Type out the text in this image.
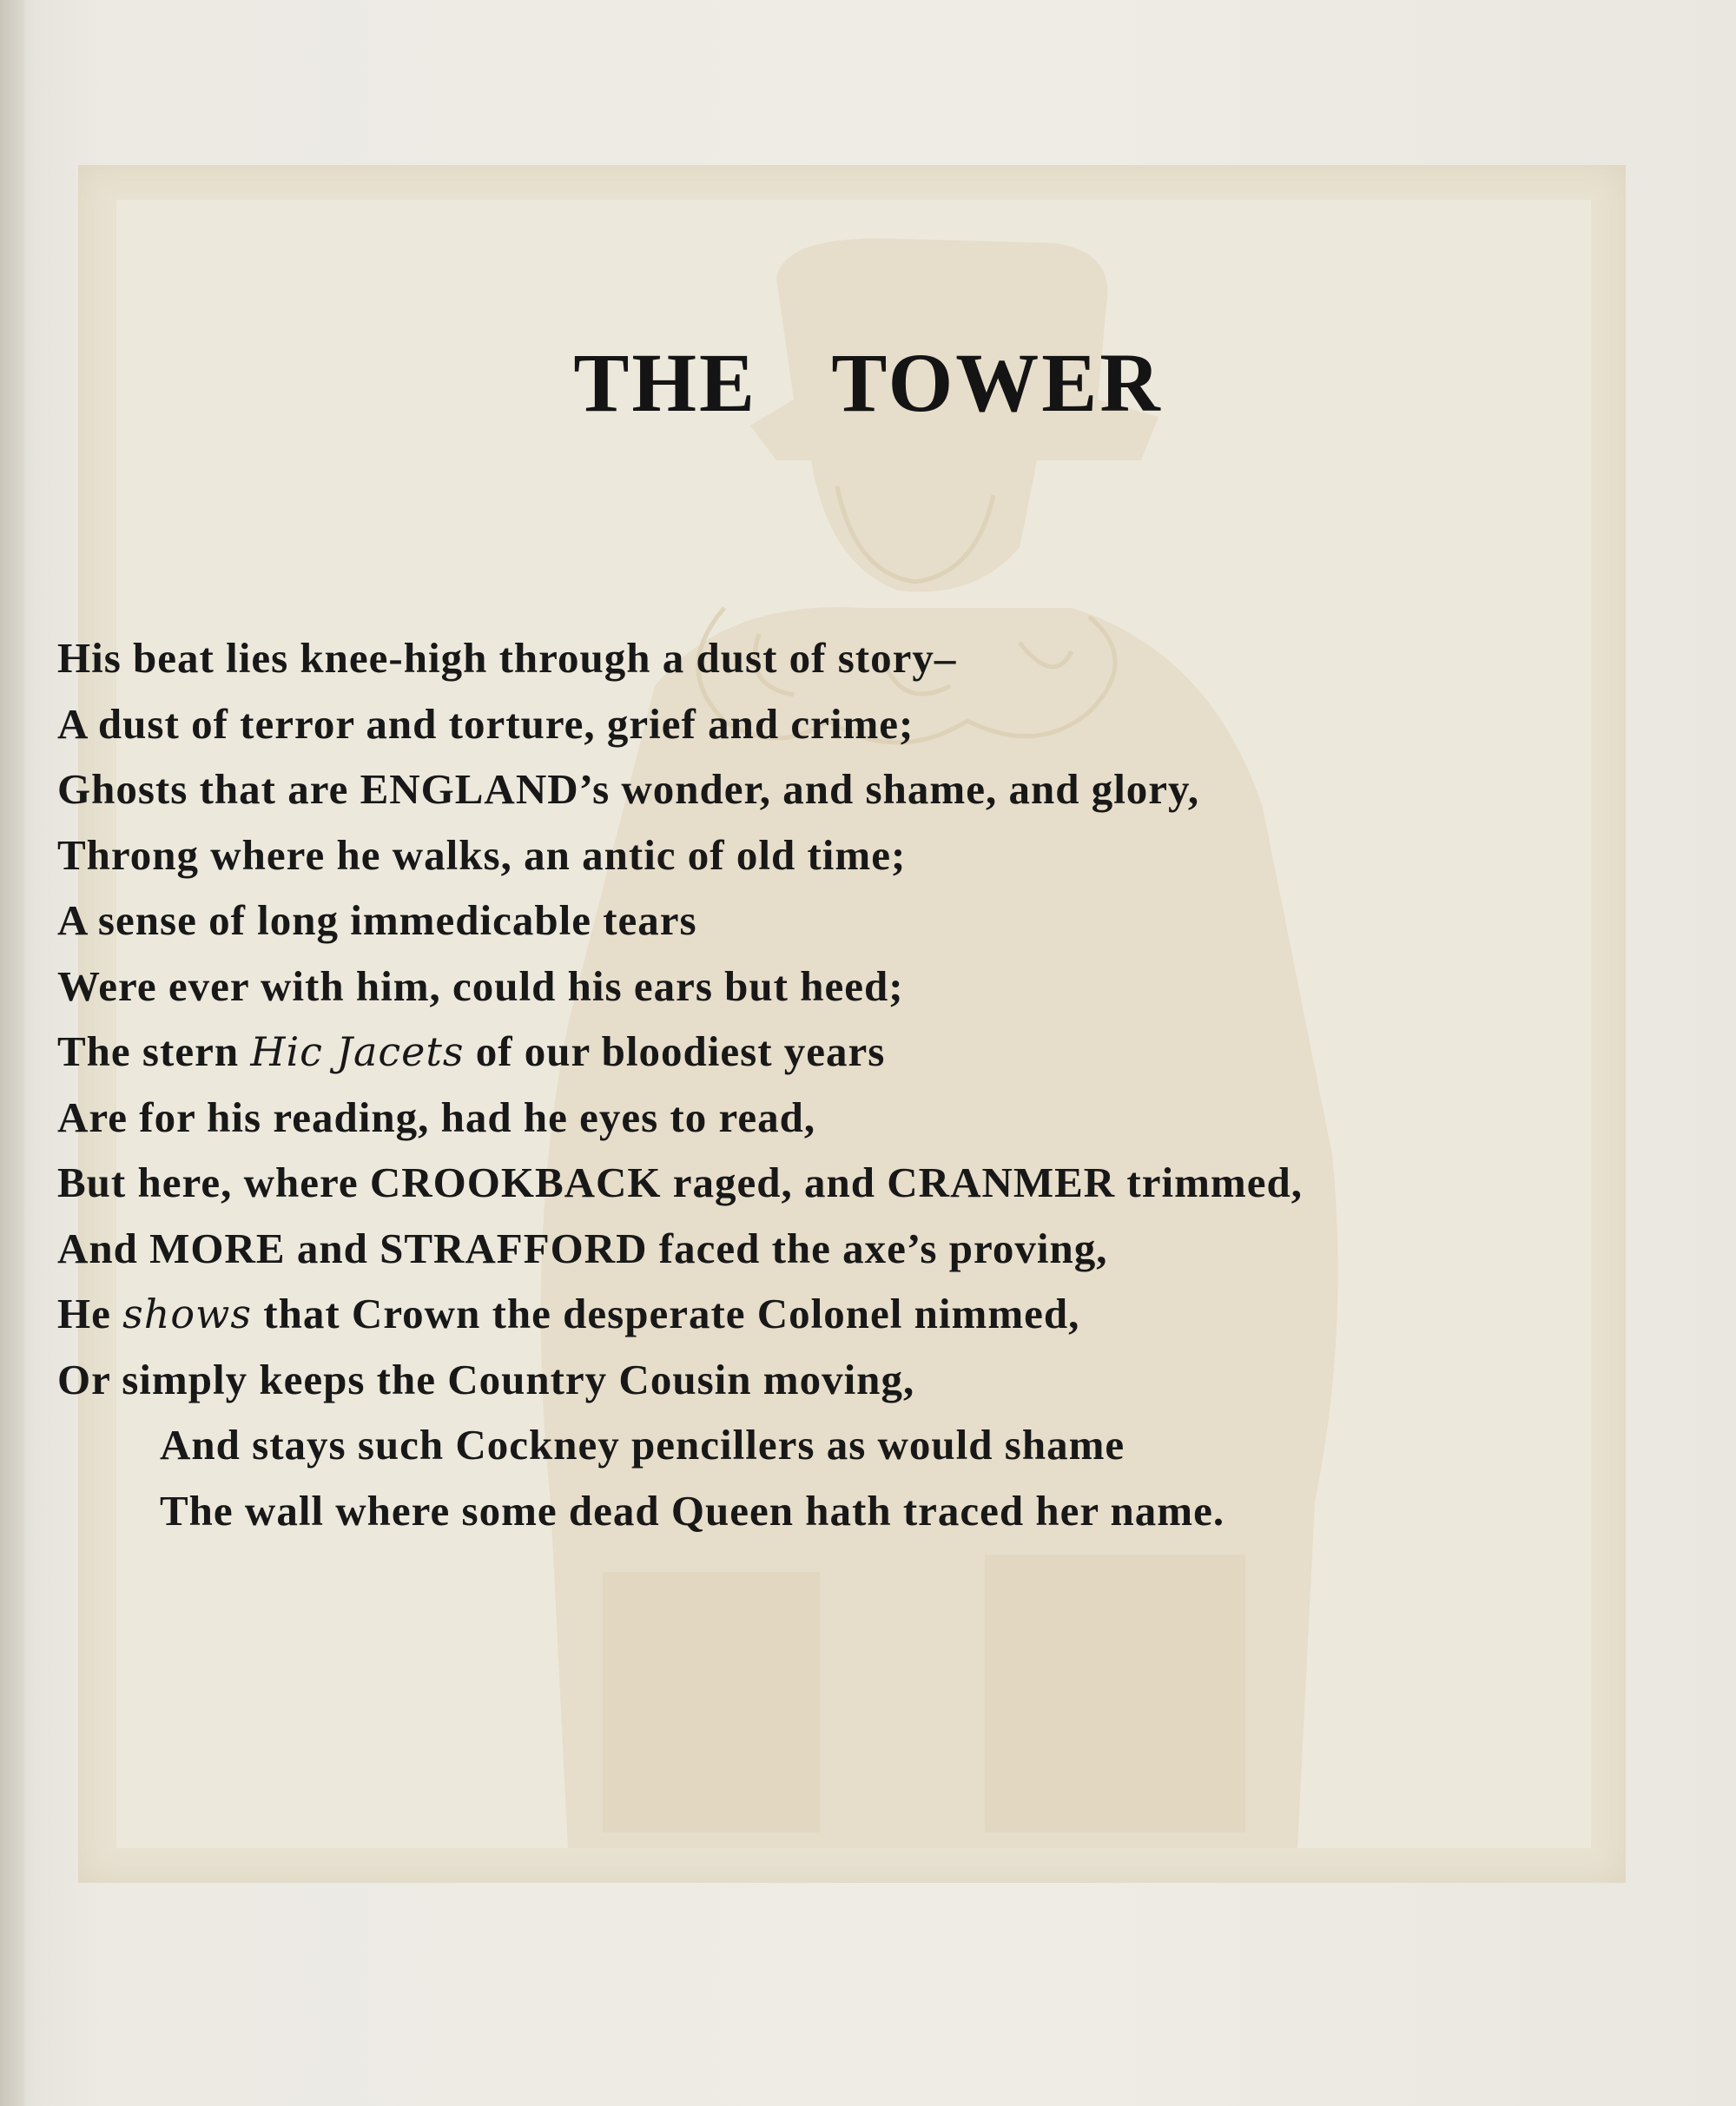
THE TOWER
His beat lies knee-high through a dust of story–
A dust of terror and torture, grief and crime;
Ghosts that are ENGLAND’s wonder, and shame, and glory,
Throng where he walks, an antic of old time;
A sense of long immedicable tears
Were ever with him, could his ears but heed;
The stern Hic Jacets of our bloodiest years
Are for his reading, had he eyes to read,
But here, where CROOKBACK raged, and CRANMER trimmed,
And MORE and STRAFFORD faced the axe’s proving,
He shows that Crown the desperate Colonel nimmed,
Or simply keeps the Country Cousin moving,
And stays such Cockney pencillers as would shame
The wall where some dead Queen hath traced her name.
